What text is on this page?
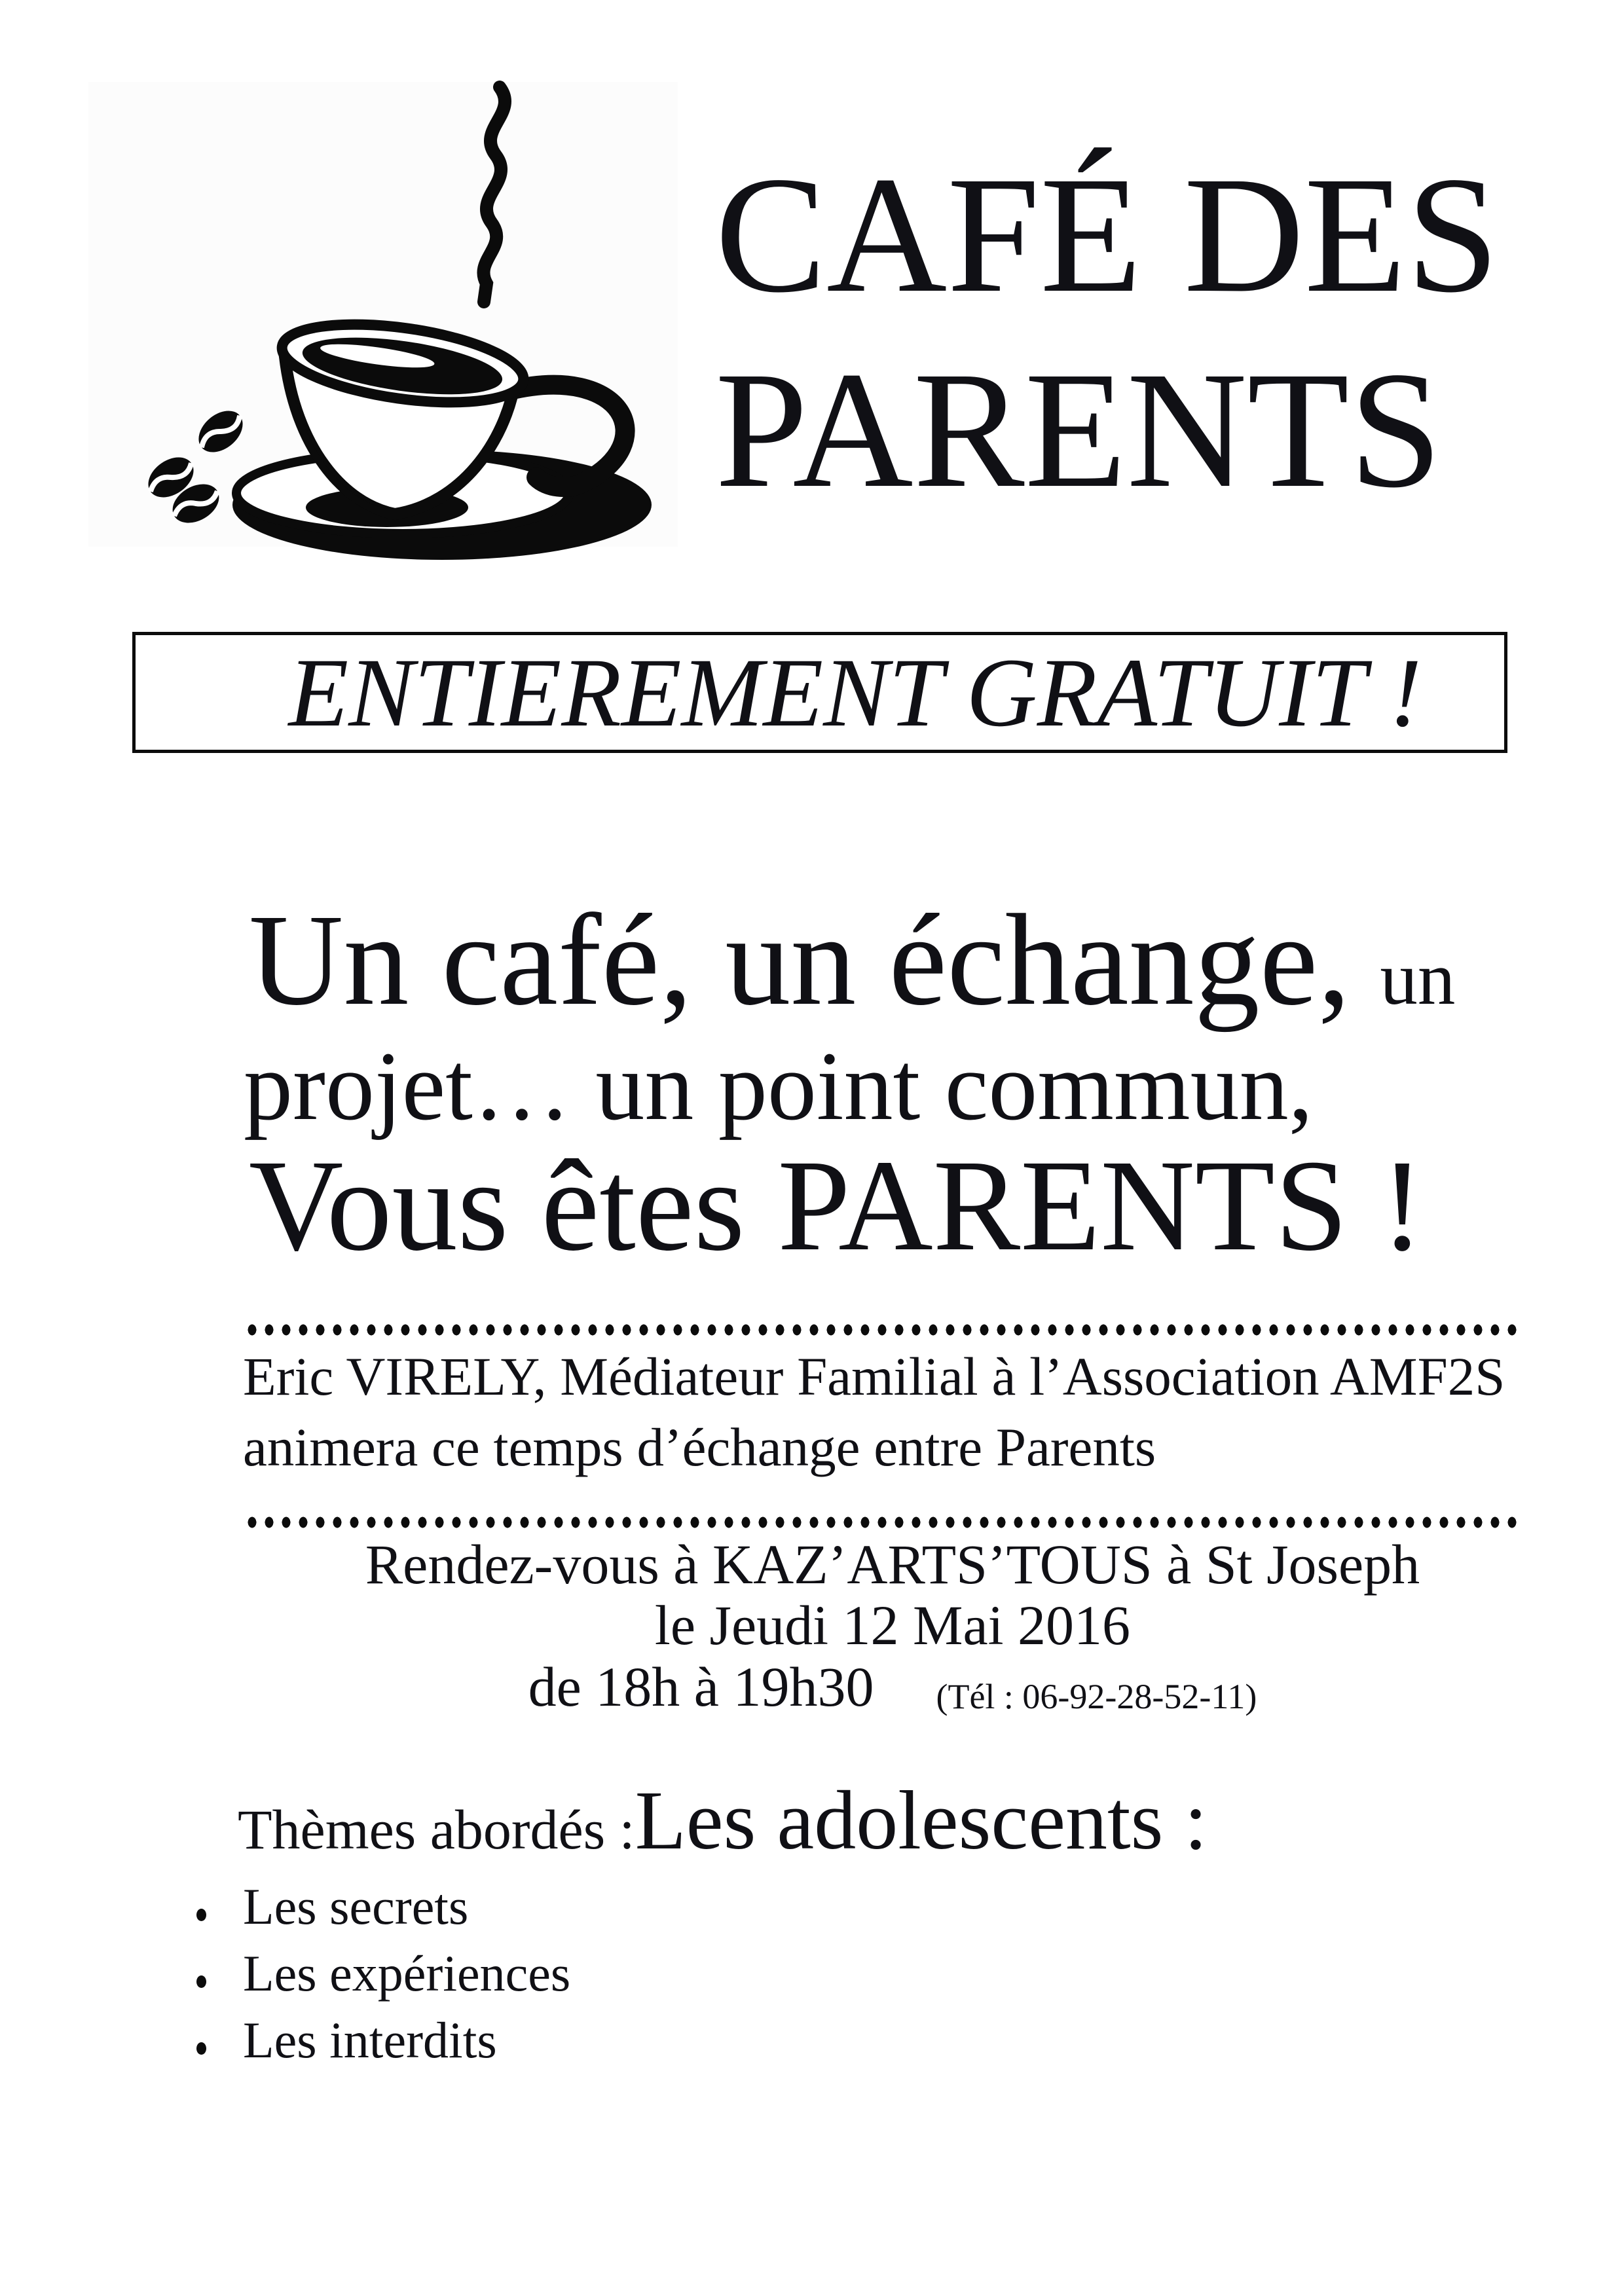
CAFÉ DES
PARENTS
ENTIEREMENT GRATUIT !
Un café, un échange, un
projet… un point commun,
Vous êtes PARENTS !
Eric VIRELY, Médiateur Familial à l’Association AMF2S
animera ce temps d’échange entre Parents
Rendez-vous à KAZ’ARTS’TOUS à St Joseph
le Jeudi 12 Mai 2016
de 18h à 19h30 (Tél : 06-92-28-52-11)
Thèmes abordés :Les adolescents :
Les secrets
Les expériences
Les interdits
